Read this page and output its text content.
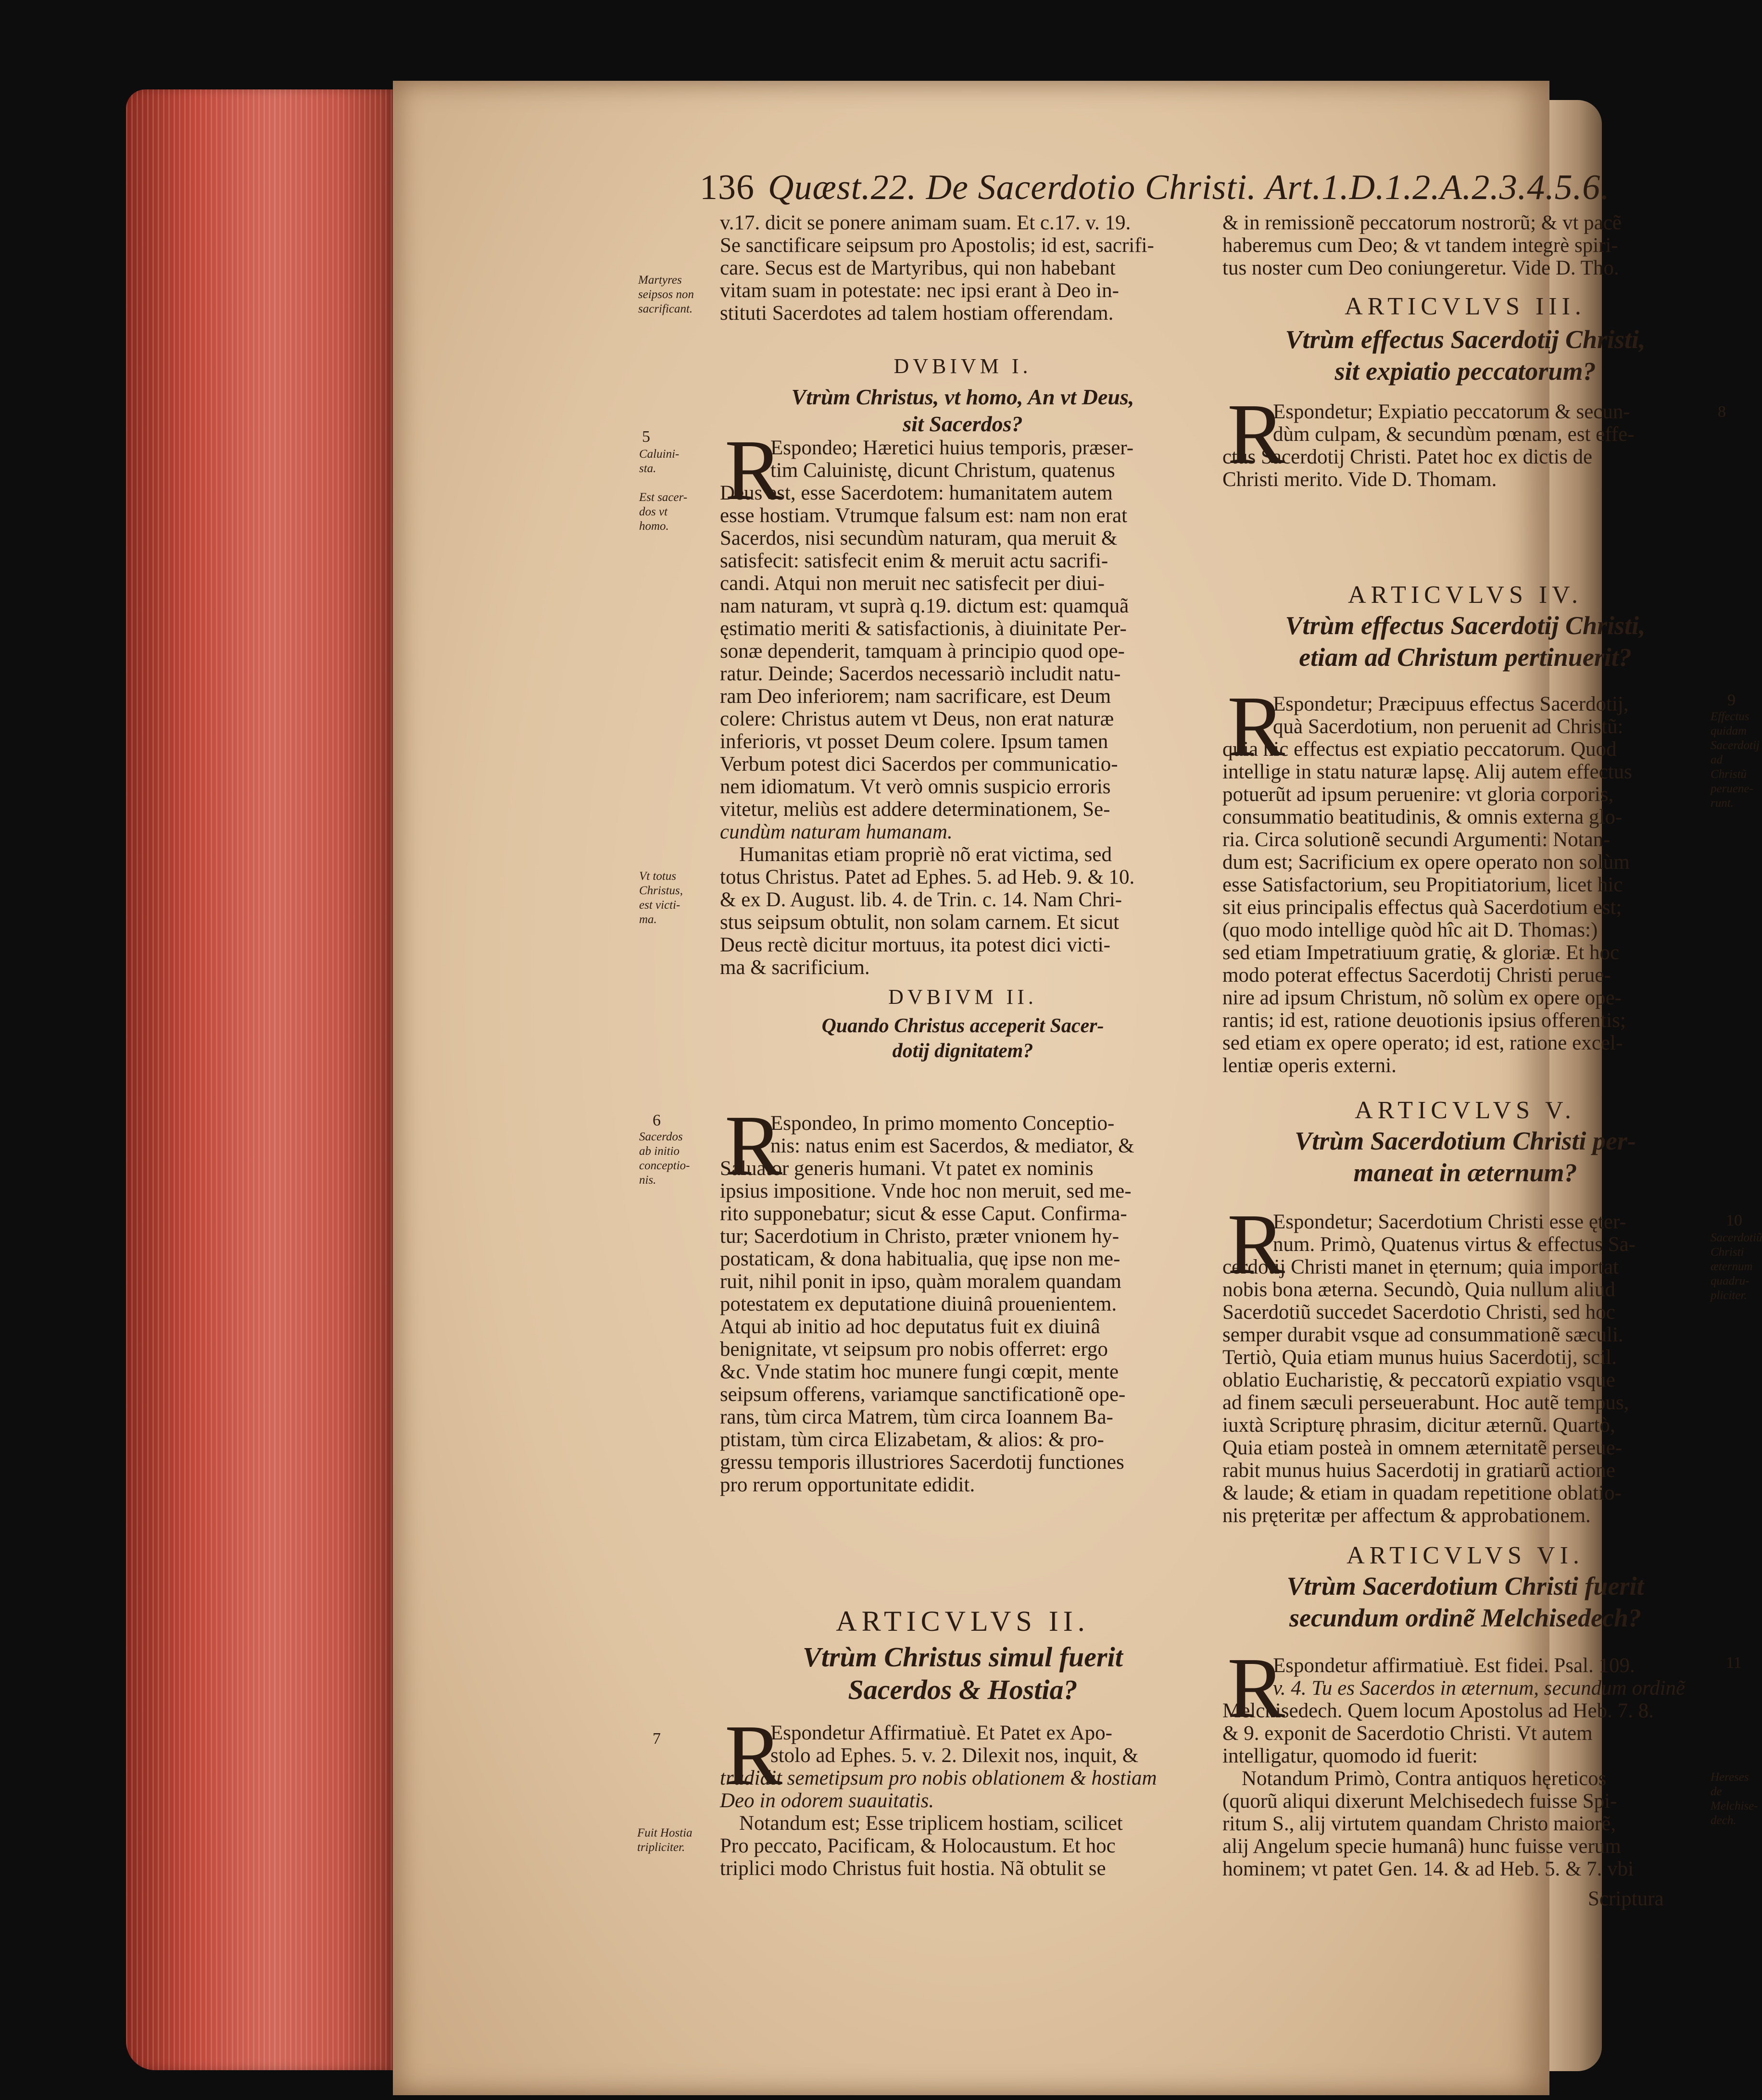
136 Quæst.22. De Sacerdotio Christi. Art.1.D.1.2.A.2.3.4.5.6.
v.17. dicit se ponere animam suam. Et c.17. v. 19.
Se sanctificare seipsum pro Apostolis; id est, sacrifi-
care. Secus est de Martyribus, qui non habebant
vitam suam in potestate: nec ipsi erant à Deo in-
stituti Sacerdotes ad talem hostiam offerendam.
DVBIVM I.
Vtrùm Christus, vt homo, An vt Deus,
sit Sacerdos?
R
Espondeo; Hæretici huius temporis, præser-
tim Caluinistę, dicunt Christum, quatenus
Deus est, esse Sacerdotem: humanitatem autem
esse hostiam. Vtrumque falsum est: nam non erat
Sacerdos, nisi secundùm naturam, qua meruit &
satisfecit: satisfecit enim & meruit actu sacrifi-
candi. Atqui non meruit nec satisfecit per diui-
nam naturam, vt suprà q.19. dictum est: quamquã
ęstimatio meriti & satisfactionis, à diuinitate Per-
sonæ dependerit, tamquam à principio quod ope-
ratur. Deinde; Sacerdos necessariò includit natu-
ram Deo inferiorem; nam sacrificare, est Deum
colere: Christus autem vt Deus, non erat naturæ
inferioris, vt posset Deum colere. Ipsum tamen
Verbum potest dici Sacerdos per communicatio-
nem idiomatum. Vt verò omnis suspicio erroris
vitetur, meliùs est addere determinationem, Se-
cundùm naturam humanam.
Humanitas etiam propriè nõ erat victima, sed
totus Christus. Patet ad Ephes. 5. ad Heb. 9. & 10.
& ex D. August. lib. 4. de Trin. c. 14. Nam Chri-
stus seipsum obtulit, non solam carnem. Et sicut
Deus rectè dicitur mortuus, ita potest dici victi-
ma & sacrificium.
DVBIVM II.
Quando Christus acceperit Sacer-
dotij dignitatem?
R
Espondeo, In primo momento Conceptio-
nis: natus enim est Sacerdos, & mediator, &
Saluator generis humani. Vt patet ex nominis
ipsius impositione. Vnde hoc non meruit, sed me-
rito supponebatur; sicut & esse Caput. Confirma-
tur; Sacerdotium in Christo, præter vnionem hy-
postaticam, & dona habitualia, quę ipse non me-
ruit, nihil ponit in ipso, quàm moralem quandam
potestatem ex deputatione diuinâ prouenientem.
Atqui ab initio ad hoc deputatus fuit ex diuinâ
benignitate, vt seipsum pro nobis offerret: ergo
&c. Vnde statim hoc munere fungi cœpit, mente
seipsum offerens, variamque sanctificationẽ ope-
rans, tùm circa Matrem, tùm circa Ioannem Ba-
ptistam, tùm circa Elizabetam, & alios: & pro-
gressu temporis illustriores Sacerdotij functiones
pro rerum opportunitate edidit.
ARTICVLVS II.
Vtrùm Christus simul fuerit
Sacerdos & Hostia?
R
Espondetur Affirmatiuè. Et Patet ex Apo-
stolo ad Ephes. 5. v. 2. Dilexit nos, inquit, &
tradidit semetipsum pro nobis oblationem & hostiam
Deo in odorem suauitatis.
Notandum est; Esse triplicem hostiam, scilicet
Pro peccato, Pacificam, & Holocaustum. Et hoc
triplici modo Christus fuit hostia. Nã obtulit se
& in remissionẽ peccatorum nostrorũ; & vt pacẽ
haberemus cum Deo; & vt tandem integrè spiri-
tus noster cum Deo coniungeretur. Vide D. Tho.
ARTICVLVS III.
Vtrùm effectus Sacerdotij Christi,
sit expiatio peccatorum?
R
Espondetur; Expiatio peccatorum & secun-
dùm culpam, & secundùm pœnam, est effe-
ctus Sacerdotij Christi. Patet hoc ex dictis de
Christi merito. Vide D. Thomam.
ARTICVLVS IV.
Vtrùm effectus Sacerdotij Christi,
etiam ad Christum pertinuerit?
R
Espondetur; Præcipuus effectus Sacerdotij,
quà Sacerdotium, non peruenit ad Christũ:
quia hic effectus est expiatio peccatorum. Quod
intellige in statu naturæ lapsę. Alij autem effectus
potuerũt ad ipsum peruenire: vt gloria corporis,
consummatio beatitudinis, & omnis externa glo-
ria. Circa solutionẽ secundi Argumenti: Notan-
dum est; Sacrificium ex opere operato non solùm
esse Satisfactorium, seu Propitiatorium, licet hic
sit eius principalis effectus quà Sacerdotium est;
(quo modo intellige quòd hîc ait D. Thomas:)
sed etiam Impetratiuum gratię, & gloriæ. Et hoc
modo poterat effectus Sacerdotij Christi perue-
nire ad ipsum Christum, nõ solùm ex opere ope-
rantis; id est, ratione deuotionis ipsius offerentis;
sed etiam ex opere operato; id est, ratione excel-
lentiæ operis externi.
ARTICVLVS V.
Vtrùm Sacerdotium Christi per-
maneat in æternum?
R
Espondetur; Sacerdotium Christi esse ęter-
num. Primò, Quatenus virtus & effectus Sa-
cerdotij Christi manet in ęternum; quia importat
nobis bona æterna. Secundò, Quia nullum aliud
Sacerdotiũ succedet Sacerdotio Christi, sed hoc
semper durabit vsque ad consummationẽ sæculi.
Tertiò, Quia etiam munus huius Sacerdotij, scil.
oblatio Eucharistię, & peccatorũ expiatio vsque
ad finem sæculi perseuerabunt. Hoc autẽ tempus,
iuxtà Scripturę phrasim, dicitur æternũ. Quartò,
Quia etiam posteà in omnem æternitatẽ perseue-
rabit munus huius Sacerdotij in gratiarũ actione
& laude; & etiam in quadam repetitione oblatio-
nis pręteritæ per affectum & approbationem.
ARTICVLVS VI.
Vtrùm Sacerdotium Christi fuerit
secundum ordinẽ Melchisedech?
R
Espondetur affirmatiuè. Est fidei. Psal. 109.
v. 4. Tu es Sacerdos in æternum, secundum ordinẽ
Melchisedech. Quem locum Apostolus ad Heb. 7. 8.
& 9. exponit de Sacerdotio Christi. Vt autem
intelligatur, quomodo id fuerit:
Notandum Primò, Contra antiquos hęreticos
(quorũ aliqui dixerunt Melchisedech fuisse Spi-
ritum S., alij virtutem quandam Christo maiorẽ,
alij Angelum specie humanâ) hunc fuisse verum
hominem; vt patet Gen. 14. & ad Heb. 5. & 7. vbi
Scriptura
Martyres
seipsos non
sacrificant.
5
Caluini-
sta.
Est sacer-
dos vt
homo.
Vt totus
Christus,
est victi-
ma.
6
Sacerdos
ab initio
conceptio-
nis.
7
Fuit Hostia
tripliciter.
8
9
Effectus
quidam
Sacerdotij
ad Christũ
peruene-
runt.
10
Sacerdotiũ
Christi
æternum
quadru-
pliciter.
11
Hereses de
Melchise-
dech.
